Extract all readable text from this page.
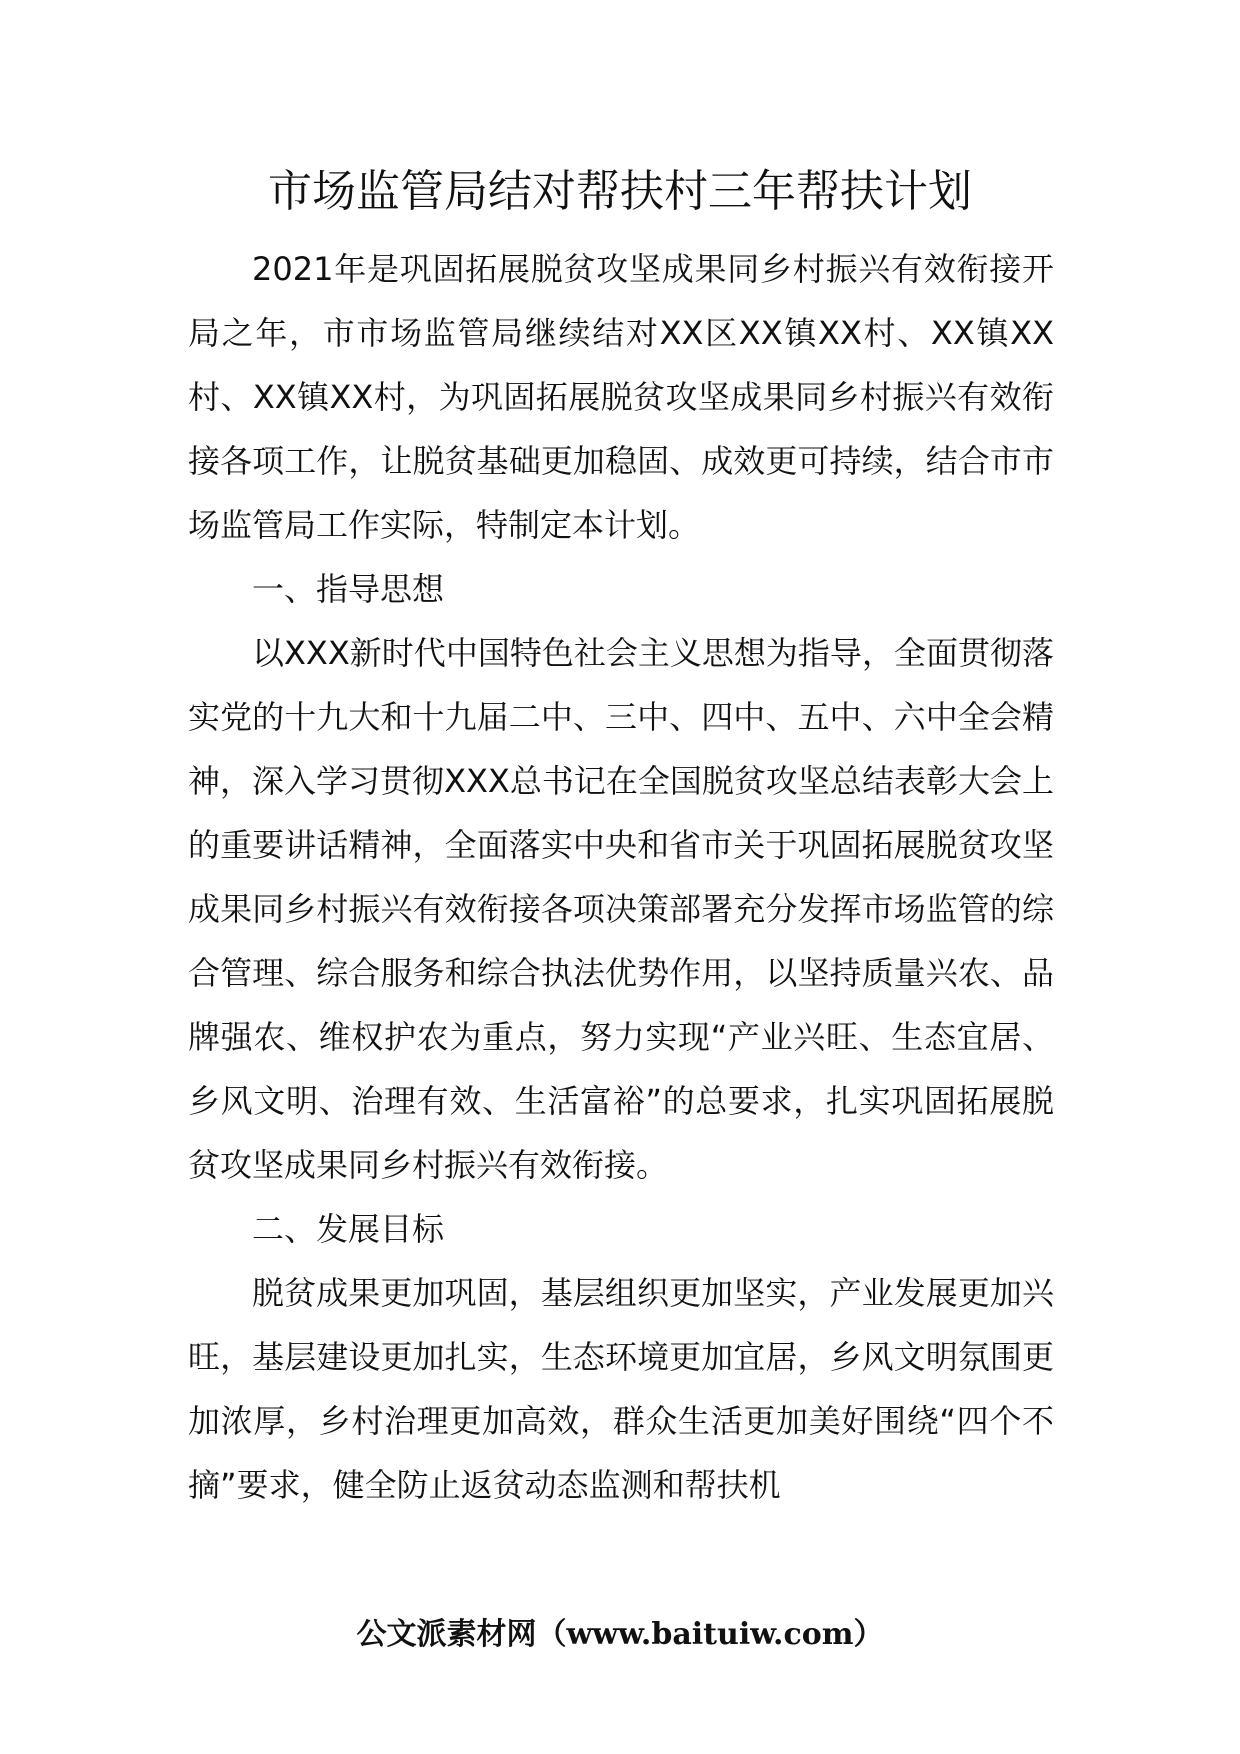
市场监管局结对帮扶村三年帮扶计划

2021年是巩固拓展脱贫攻坚成果同乡村振兴有效衔接开局之年，市市场监管局继续结对XX区XX镇XX村、XX镇XX村、XX镇XX村，为巩固拓展脱贫攻坚成果同乡村振兴有效衔接各项工作，让脱贫基础更加稳固、成效更可持续，结合市市场监管局工作实际，特制定本计划。

一、指导思想

以XXX新时代中国特色社会主义思想为指导，全面贯彻落实党的十九大和十九届二中、三中、四中、五中、六中全会精神，深入学习贯彻XXX总书记在全国脱贫攻坚总结表彰大会上的重要讲话精神，全面落实中央和省市关于巩固拓展脱贫攻坚成果同乡村振兴有效衔接各项决策部署充分发挥市场监管的综合管理、综合服务和综合执法优势作用，以坚持质量兴农、品牌强农、维权护农为重点，努力实现“产业兴旺、生态宜居、乡风文明、治理有效、生活富裕”的总要求，扎实巩固拓展脱贫攻坚成果同乡村振兴有效衔接。

二、发展目标

脱贫成果更加巩固，基层组织更加坚实，产业发展更加兴旺，基层建设更加扎实，生态环境更加宜居，乡风文明氛围更加浓厚，乡村治理更加高效，群众生活更加美好围绕“四个不摘”要求，健全防止返贫动态监测和帮扶机

公文派素材网（www.baituiw.com）
